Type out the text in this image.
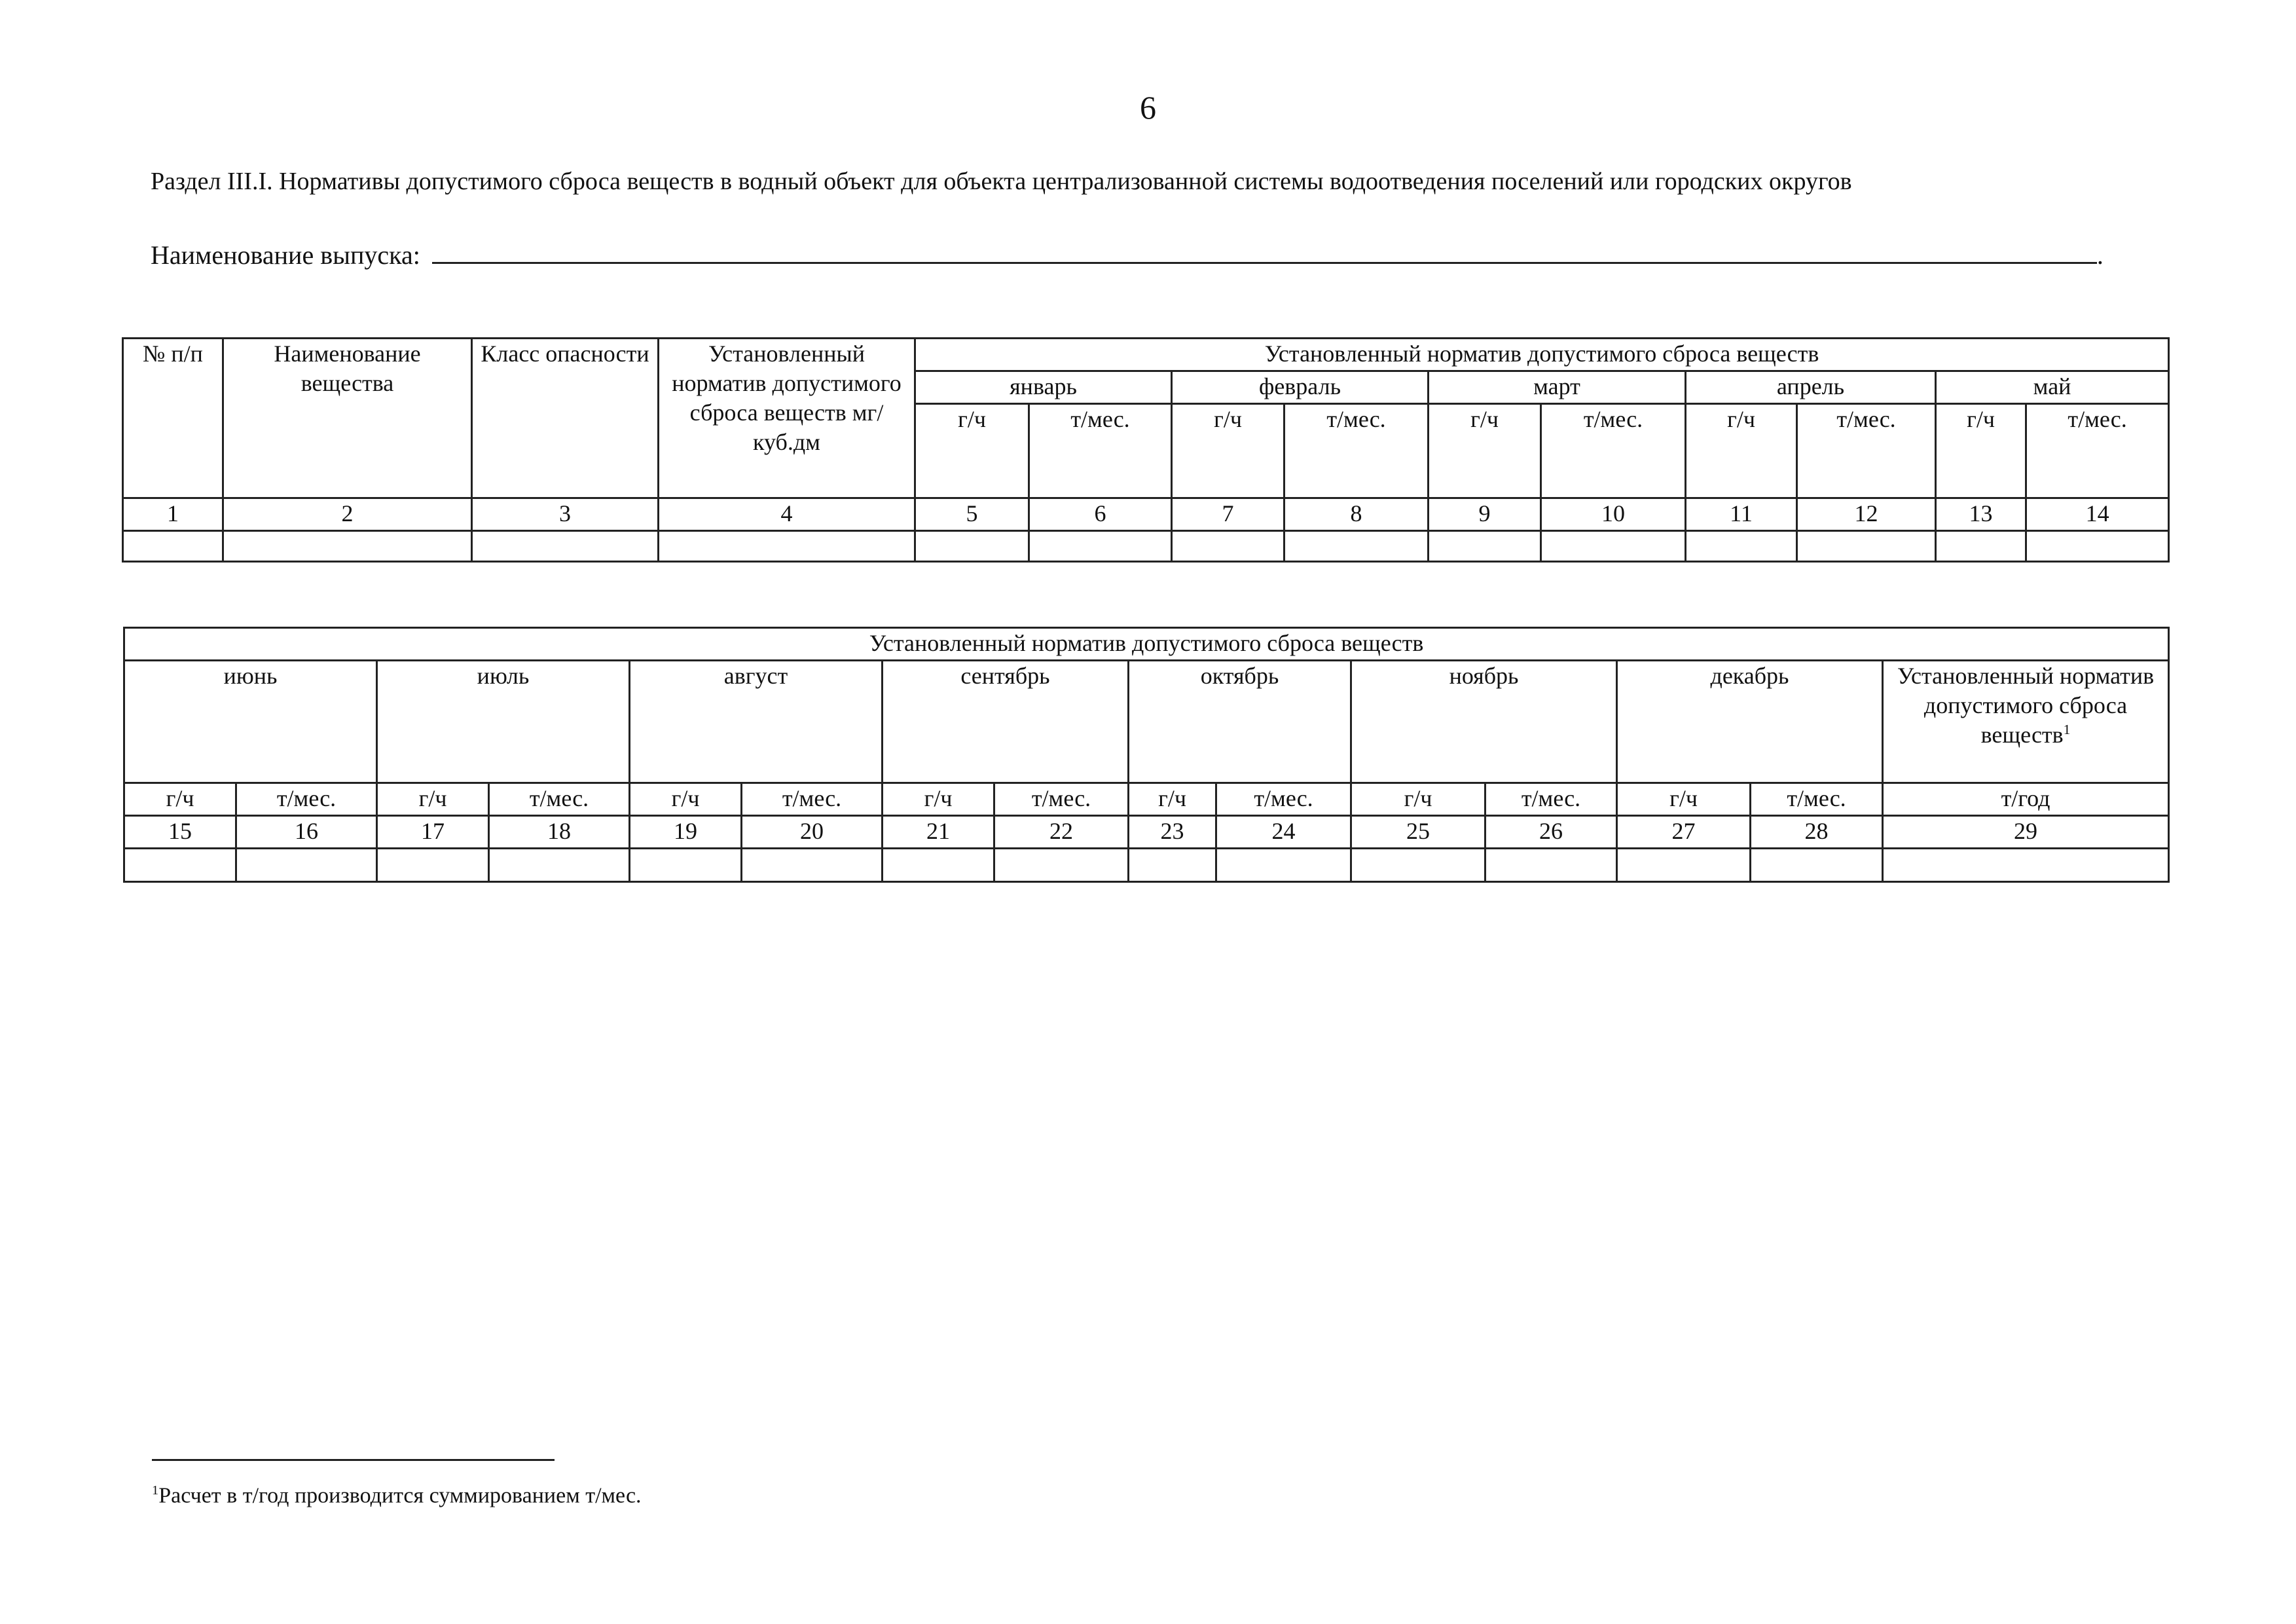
6
Раздел III.I. Нормативы допустимого сброса веществ в водный объект для объекта централизованной системы водоотведения поселений или городских округов
Наименование выпуска:	.
№ п/п	Наименование вещества	Класс опасности	Установленный норматив допустимого сброса веществ мг/куб.дм	Установленный норматив допустимого сброса веществ									
				январь		февраль		март		апрель		май	
				г/ч	т/мес.	г/ч	т/мес.	г/ч	т/мес.	г/ч	т/мес.	г/ч	т/мес.
1	2	3	4	5	6	7	8	9	10	11	12	13	14

Установленный норматив допустимого сброса веществ														
июнь		июль		август		сентябрь		октябрь		ноябрь		декабрь		Установленный норматив допустимого сброса веществ$^1$
г/ч	т/мес.	г/ч	т/мес.	г/ч	т/мес.	г/ч	т/мес.	г/ч	т/мес.	г/ч	т/мес.	г/ч	т/мес.	т/год
15	16	17	18	19	20	21	22	23	24	25	26	27	28	29

$^1$Расчет в т/год производится суммированием т/мес.
